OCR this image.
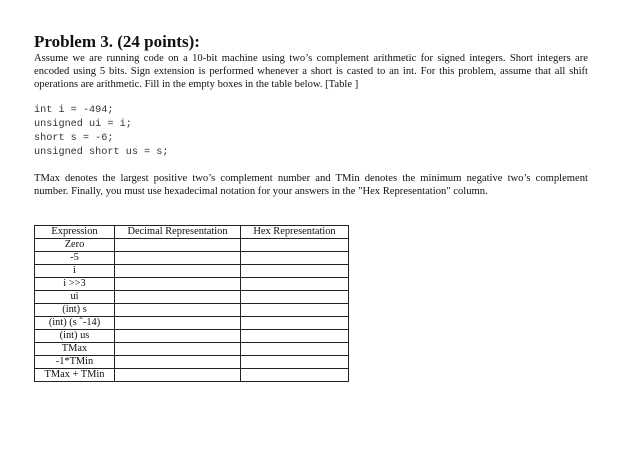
Problem 3. (24 points):

Assume we are running code on a 10-bit machine using two’s complement arithmetic for signed integers. Short integers are encoded using 5 bits. Sign extension is performed whenever a short is casted to an int. For this problem, assume that all shift operations are arithmetic. Fill in the empty boxes in the table below. [Table ]

int i = -494;
unsigned ui = i;
short s = -6;
unsigned short us = s;

TMax denotes the largest positive two’s complement number and TMin denotes the minimum negative two’s complement number. Finally, you must use hexadecimal notation for your answers in the "Hex Representation" column.

Expression	Decimal Representation	Hex Representation
Zero		
-5		
i		
i >>3		
ui		
(int) s		
(int) (s ˆ-14)		
(int) us		
TMax		
-1*TMin		
TMax + TMin		
